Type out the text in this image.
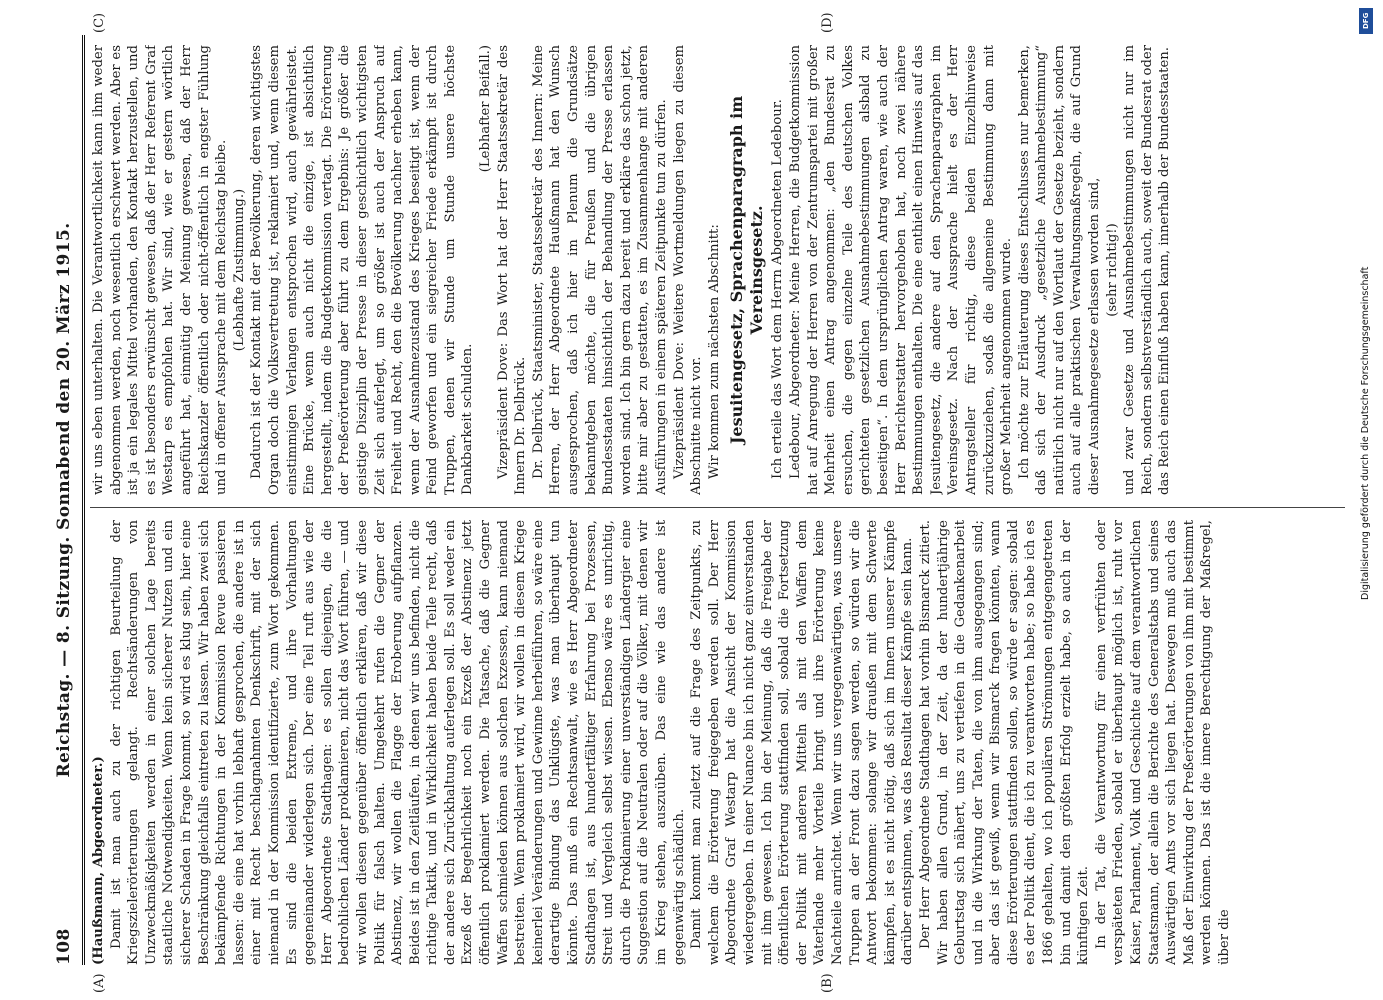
108
Reichstag. — 8. Sitzung. Sonnabend den 20. März 1915.
(A)	(B)
(C)	(D)

(Haußmann, Abgeordneter.) Damit ist man auch zu der richtigen Beurteilung der Kriegszielerörterungen gelangt. Rechtsänderungen von Unzweckmäßigkeiten werden in einer solchen Lage bereits staatliche Notwendigkeiten. Wenn kein sicherer Nutzen und ein sicherer Schaden in Frage kommt, so wird es klug sein, hier eine Beschränkung gleichfalls eintreten zu lassen. Wir haben zwei sich bekämpfende Richtungen in der Kommission Revue passieren lassen: die eine hat vorhin lebhaft gesprochen, die andere ist in einer mit Recht beschlagnahmten Denkschrift, mit der sich niemand in der Kommission identifizierte, zum Wort gekommen. Es sind die beiden Extreme, und ihre Vorhaltungen gegeneinander widerlegen sich. Der eine Teil ruft aus wie der Herr Abgeordnete Stadthagen: es sollen diejenigen, die die bedrohlichen Länder proklamieren, nicht das Wort führen, — und wir wollen diesen gegenüber öffentlich erklären, daß wir diese Politik für falsch halten. Umgekehrt rufen die Gegner der Abstinenz, wir wollen die Flagge der Eroberung aufpflanzen. Beides ist in den Zeitläufen, in denen wir uns befinden, nicht die richtige Taktik, und in Wirklichkeit haben beide Teile recht, daß der andere sich Zurückhaltung auferlegen soll. Es soll weder ein Exzeß der Begehrlichkeit noch ein Exzeß der Abstinenz jetzt öffentlich proklamiert werden. Die Tatsache, daß die Gegner Waffen schmieden können aus solchen Exzessen, kann niemand bestreiten. Wenn proklamiert wird, wir wollen in diesem Kriege keinerlei Veränderungen und Gewinne herbeiführen, so wäre eine derartige Bindung das Unklügste, was man überhaupt tun könnte. Das muß ein Rechtsanwalt, wie es Herr Abgeordneter Stadthagen ist, aus hundertfältiger Erfahrung bei Prozessen, Streit und Vergleich selbst wissen. Ebenso wäre es unrichtig, durch die Proklamierung einer unverständigen Ländergier eine Suggestion auf die Neutralen oder auf die Völker, mit denen wir im Krieg stehen, auszuüben. Das eine wie das andere ist gegenwärtig schädlich. Damit kommt man zuletzt auf die Frage des Zeitpunkts, zu welchem die Erörterung freigegeben werden soll. Der Herr Abgeordnete Graf Westarp hat die Ansicht der Kommission wiedergegeben. In einer Nuance bin ich nicht ganz einverstanden mit ihm gewesen. Ich bin der Meinung, daß die Freigabe der öffentlichen Erörterung stattfinden soll, sobald die Fortsetzung der Politik mit anderen Mitteln als mit den Waffen dem Vaterlande mehr Vorteile bringt und ihre Erörterung keine Nachteile anrichtet. Wenn wir uns vergegenwärtigen, was unsere Truppen an der Front dazu sagen werden, so würden wir die Antwort bekommen: solange wir draußen mit dem Schwerte kämpfen, ist es nicht nötig, daß sich im Innern unserer Kämpfe darüber entspinnen, was das Resultat dieser Kämpfe sein kann. Der Herr Abgeordnete Stadthagen hat vorhin Bismarck zitiert. Wir haben allen Grund, in der Zeit, da der hundertjährige Geburtstag sich nähert, uns zu vertiefen in die Gedankenarbeit und in die Wirkung der Taten, die von ihm ausgegangen sind; aber das ist gewiß, wenn wir Bismarck fragen könnten, wann diese Erörterungen stattfinden sollen, so würde er sagen: sobald es der Politik dient, die ich zu verantworten habe; so habe ich es 1866 gehalten, wo ich populären Strömungen entgegengetreten bin und damit den größten Erfolg erzielt habe, so auch in der künftigen Zeit. In der Tat, die Verantwortung für einen verfrühten oder verspäteten Frieden, sobald er überhaupt möglich ist, ruht vor Kaiser, Parlament, Volk und Geschichte auf dem verantwortlichen Staatsmann, der allein die Berichte des Generalstabs und seines Auswärtigen Amts vor sich liegen hat. Deswegen muß auch das Maß der Einwirkung der Preßerörterungen von ihm mit bestimmt werden können. Das ist die innere Berechtigung der Maßregel, über die

wir uns eben unterhalten. Die Verantwortlichkeit kann ihm weder abgenommen werden, noch wesentlich erschwert werden. Aber es ist ja ein legales Mittel vorhanden, den Kontakt herzustellen, und es ist besonders erwünscht gewesen, daß der Herr Referent Graf Westarp es empfohlen hat. Wir sind, wie er gestern wörtlich angeführt hat, einmütig der Meinung gewesen, daß der Herr Reichskanzler öffentlich oder nicht-öffentlich in engster Fühlung und in offener Aussprache mit dem Reichstag bleibe. (Lebhafte Zustimmung.) Dadurch ist der Kontakt mit der Bevölkerung, deren wichtigstes Organ doch die Volksvertretung ist, reklamiert und, wenn diesem einstimmigen Verlangen entsprochen wird, auch gewährleistet. Eine Brücke, wenn auch nicht die einzige, ist absichtlich hergestellt, indem die Budgetkommission vertagt. Die Erörterung der Preßerörterung aber führt zu dem Ergebnis: Je größer die geistige Disziplin der Presse in dieser geschichtlich wichtigsten Zeit sich auferlegt, um so größer ist auch der Anspruch auf Freiheit und Recht, den die Bevölkerung nachher erheben kann, wenn der Ausnahmezustand des Krieges beseitigt ist, wenn der Feind geworfen und ein siegreicher Friede erkämpft ist durch Truppen, denen wir Stunde um Stunde unsere höchste Dankbarkeit schulden.

(Lebhafter Beifall.) Vizepräsident Dove: Das Wort hat der Herr Staatssekretär des Innern Dr. Delbrück. Dr. Delbrück, Staatsminister, Staatssekretär des Innern: Meine Herren, der Herr Abgeordnete Haußmann hat den Wunsch ausgesprochen, daß ich hier im Plenum die Grundsätze bekanntgeben möchte, die für Preußen und die übrigen Bundesstaaten hinsichtlich der Behandlung der Presse erlassen worden sind. Ich bin gern dazu bereit und erkläre das schon jetzt, bitte mir aber zu gestatten, es im Zusammenhange mit anderen Ausführungen in einem späteren Zeitpunkte tun zu dürfen. Vizepräsident Dove: Weitere Wortmeldungen liegen zu diesem Abschnitte nicht vor. Wir kommen zum nächsten Abschnitt: Jesuitengesetz, Sprachenparagraph im
Vereinsgesetz. Ich erteile das Wort dem Herrn Abgeordneten Ledebour. Ledebour, Abgeordneter: Meine Herren, die Budgetkommission hat auf Anregung der Herren von der Zentrumspartei mit großer Mehrheit einen Antrag angenommen: „den Bundesrat zu ersuchen, die gegen einzelne Teile des deutschen Volkes gerichteten gesetzlichen Ausnahmebestimmungen alsbald zu beseitigen“. In dem ursprünglichen Antrag waren, wie auch der Herr Berichterstatter hervorgehoben hat, noch zwei nähere Bestimmungen enthalten. Die eine enthielt einen Hinweis auf das Jesuitengesetz, die andere auf den Sprachenparagraphen im Vereinsgesetz. Nach der Aussprache hielt es der Herr Antragsteller für richtig, diese beiden Einzelhinweise zurückzuziehen, sodaß die allgemeine Bestimmung dann mit großer Mehrheit angenommen wurde. Ich möchte zur Erläuterung dieses Entschlusses nur bemerken, daß sich der Ausdruck „gesetzliche Ausnahmebestimmung“ natürlich nicht nur auf den Wortlaut der Gesetze bezieht, sondern auch auf alle praktischen Verwaltungsmaßregeln, die auf Grund dieser Ausnahmegesetze erlassen worden sind, (sehr richtig!) und zwar Gesetze und Ausnahmebestimmungen nicht nur im Reich, sondern selbstverständlich auch, soweit der Bundesrat oder das Reich einen Einfluß haben kann, innerhalb der Bundesstaaten.

DFG
Digitalisierung gefördert durch die Deutsche Forschungsgemeinschaft
